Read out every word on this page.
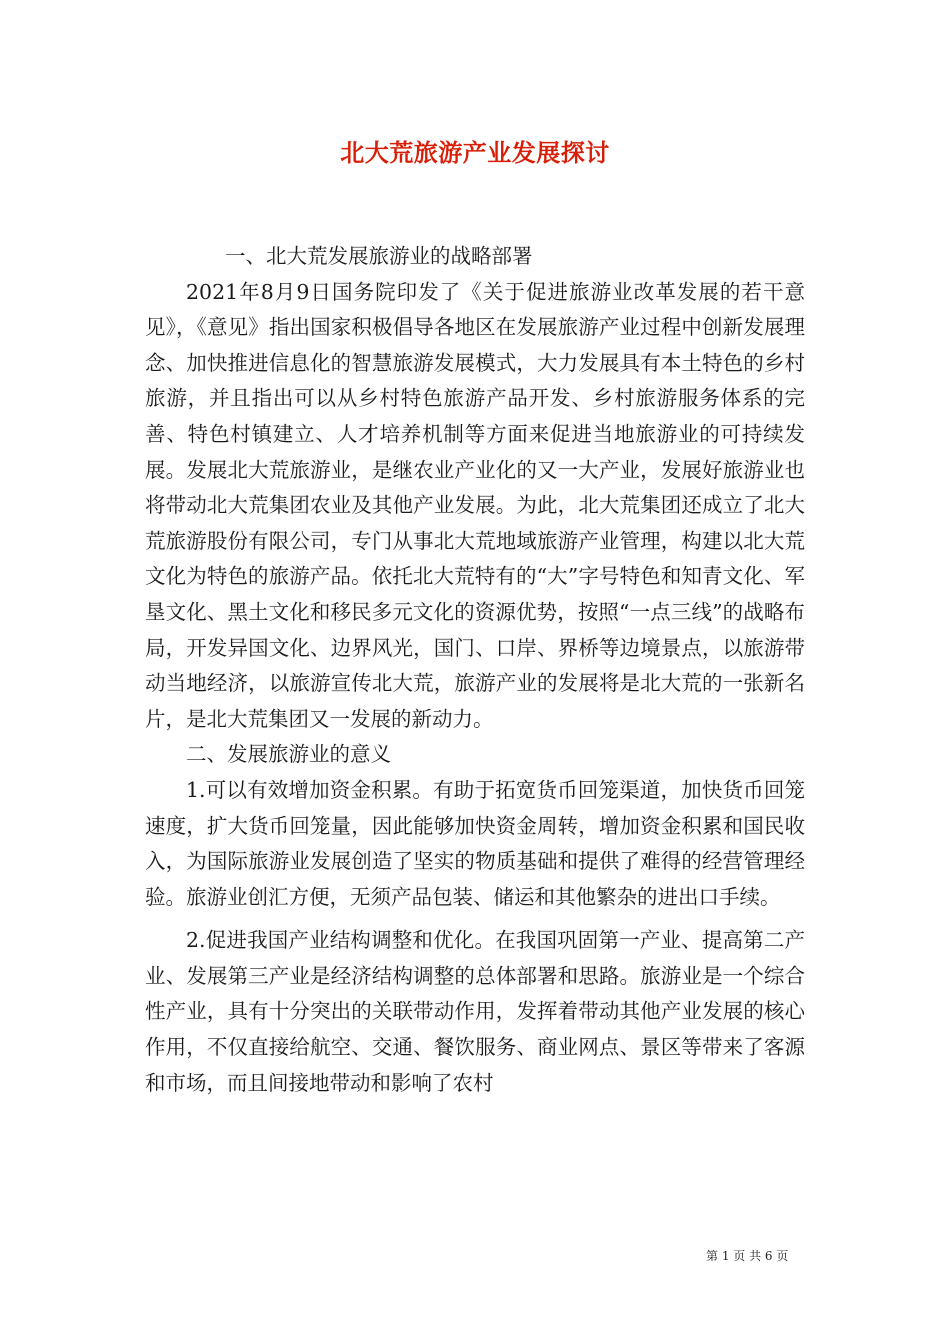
北大荒旅游产业发展探讨

一、北大荒发展旅游业的战略部署

2021年8月9日国务院印发了《关于促进旅游业改革发展的若干意见》，《意见》指出国家积极倡导各地区在发展旅游产业过程中创新发展理念、加快推进信息化的智慧旅游发展模式，大力发展具有本土特色的乡村旅游，并且指出可以从乡村特色旅游产品开发、乡村旅游服务体系的完善、特色村镇建立、人才培养机制等方面来促进当地旅游业的可持续发展。发展北大荒旅游业，是继农业产业化的又一大产业，发展好旅游业也将带动北大荒集团农业及其他产业发展。为此，北大荒集团还成立了北大荒旅游股份有限公司，专门从事北大荒地域旅游产业管理，构建以北大荒文化为特色的旅游产品。依托北大荒特有的“大”字号特色和知青文化、军垦文化、黑土文化和移民多元文化的资源优势，按照“一点三线”的战略布局，开发异国文化、边界风光，国门、口岸、界桥等边境景点，以旅游带动当地经济，以旅游宣传北大荒，旅游产业的发展将是北大荒的一张新名片，是北大荒集团又一发展的新动力。

二、发展旅游业的意义

1.可以有效增加资金积累。有助于拓宽货币回笼渠道，加快货币回笼速度，扩大货币回笼量，因此能够加快资金周转，增加资金积累和国民收入，为国际旅游业发展创造了坚实的物质基础和提供了难得的经营管理经验。旅游业创汇方便，无须产品包装、储运和其他繁杂的进出口手续。

2.促进我国产业结构调整和优化。在我国巩固第一产业、提高第二产业、发展第三产业是经济结构调整的总体部署和思路。旅游业是一个综合性产业，具有十分突出的关联带动作用，发挥着带动其他产业发展的核心作用，不仅直接给航空、交通、餐饮服务、商业网点、景区等带来了客源和市场，而且间接地带动和影响了农村

第 1 页 共 6 页
